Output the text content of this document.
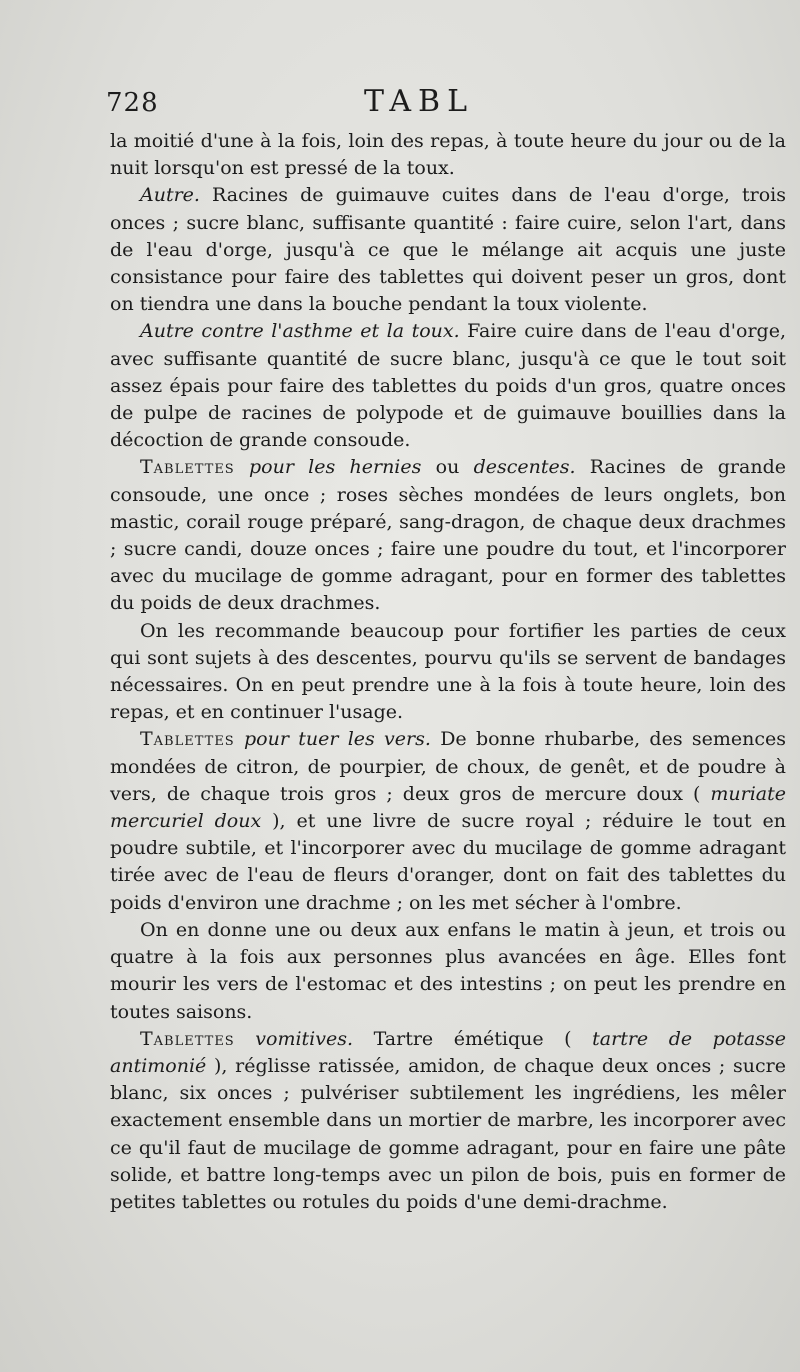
728	TABL

la moitié d'une à la fois, loin des repas, à toute heure du jour ou de la nuit lorsqu'on est pressé de la toux.

Autre. Racines de guimauve cuites dans de l'eau d'orge, trois onces ; sucre blanc, suffisante quantité : faire cuire, selon l'art, dans de l'eau d'orge, jusqu'à ce que le mélange ait acquis une juste consistance pour faire des tablettes qui doivent peser un gros, dont on tiendra une dans la bouche pendant la toux violente.

Autre contre l'asthme et la toux. Faire cuire dans de l'eau d'orge, avec suffisante quantité de sucre blanc, jusqu'à ce que le tout soit assez épais pour faire des tablettes du poids d'un gros, quatre onces de pulpe de racines de polypode et de guimauve bouillies dans la décoction de grande consoude.

Tablettes pour les hernies ou descentes. Racines de grande consoude, une once ; roses sèches mondées de leurs onglets, bon mastic, corail rouge préparé, sang-dragon, de chaque deux drachmes ; sucre candi, douze onces ; faire une poudre du tout, et l'incorporer avec du mucilage de gomme adragant, pour en former des tablettes du poids de deux drachmes.

On les recommande beaucoup pour fortifier les parties de ceux qui sont sujets à des descentes, pourvu qu'ils se servent de bandages nécessaires. On en peut prendre une à la fois à toute heure, loin des repas, et en continuer l'usage.

Tablettes pour tuer les vers. De bonne rhubarbe, des semences mondées de citron, de pourpier, de choux, de genêt, et de poudre à vers, de chaque trois gros ; deux gros de mercure doux ( muriate mercuriel doux ), et une livre de sucre royal ; réduire le tout en poudre subtile, et l'incorporer avec du mucilage de gomme adragant tirée avec de l'eau de fleurs d'oranger, dont on fait des tablettes du poids d'environ une drachme ; on les met sécher à l'ombre.

On en donne une ou deux aux enfans le matin à jeun, et trois ou quatre à la fois aux personnes plus avancées en âge. Elles font mourir les vers de l'estomac et des intestins ; on peut les prendre en toutes saisons.

Tablettes vomitives. Tartre émétique ( tartre de potasse antimonié ), réglisse ratissée, amidon, de chaque deux onces ; sucre blanc, six onces ; pulvériser subtilement les ingrédiens, les mêler exactement ensemble dans un mortier de marbre, les incorporer avec ce qu'il faut de mucilage de gomme adragant, pour en faire une pâte solide, et battre long-temps avec un pilon de bois, puis en former de petites tablettes ou rotules du poids d'une demi-drachme.
